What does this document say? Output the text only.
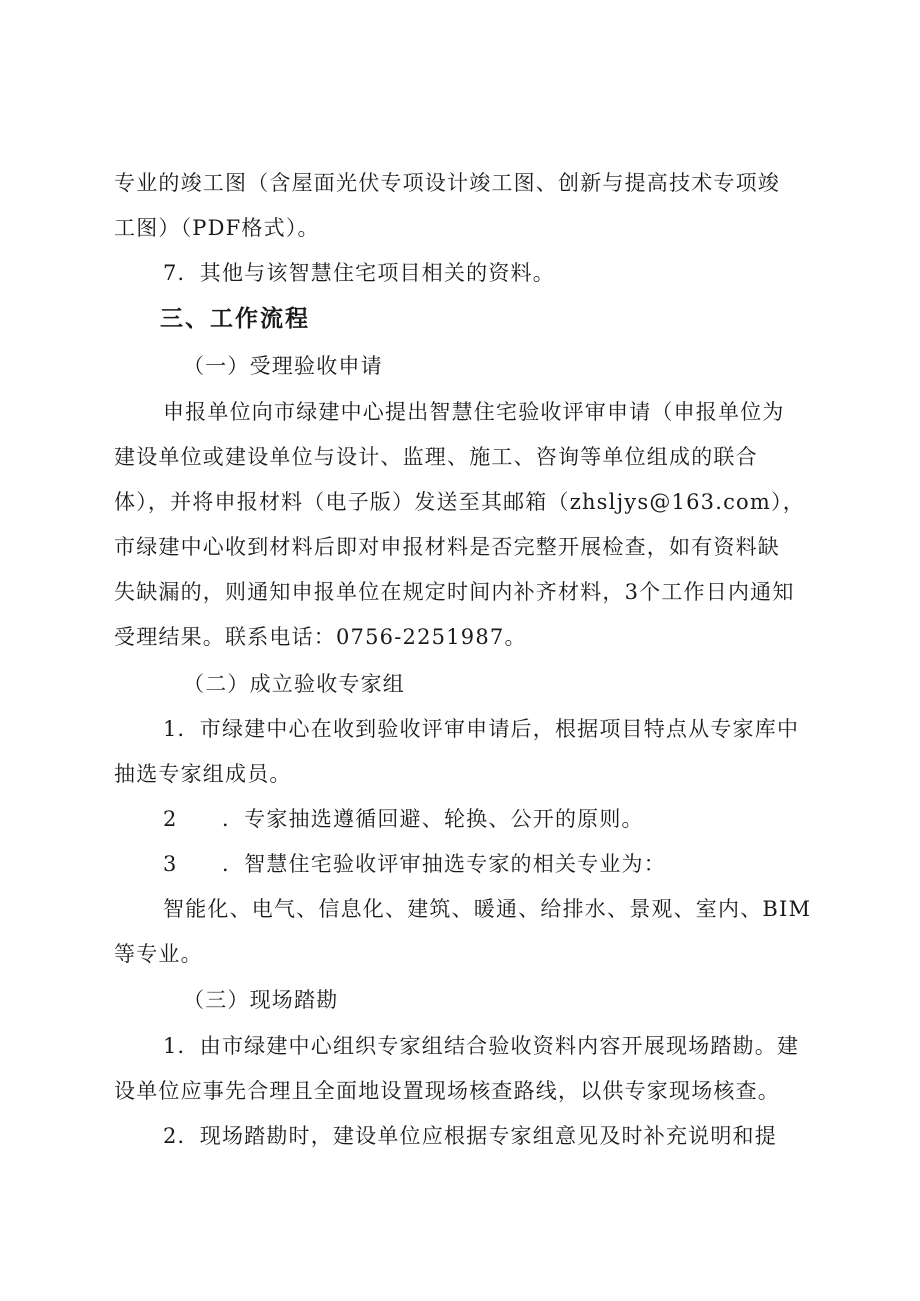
专业的竣工图（含屋面光伏专项设计竣工图、创新与提高技术专项竣
工图）（PDF格式）。
7．其他与该智慧住宅项目相关的资料。
三、工作流程
（一）受理验收申请
申报单位向市绿建中心提出智慧住宅验收评审申请（申报单位为
建设单位或建设单位与设计、监理、施工、咨询等单位组成的联合
体），并将申报材料（电子版）发送至其邮箱（zhsljys@163.com），
市绿建中心收到材料后即对申报材料是否完整开展检查，如有资料缺
失缺漏的，则通知申报单位在规定时间内补齐材料，3个工作日内通知
受理结果。联系电话：0756-2251987。
（二）成立验收专家组
1．市绿建中心在收到验收评审申请后，根据项目特点从专家库中
抽选专家组成员。
2　　．专家抽选遵循回避、轮换、公开的原则。
3　　．智慧住宅验收评审抽选专家的相关专业为：
智能化、电气、信息化、建筑、暖通、给排水、景观、室内、BIM
等专业。
（三）现场踏勘
1．由市绿建中心组织专家组结合验收资料内容开展现场踏勘。建
设单位应事先合理且全面地设置现场核查路线，以供专家现场核查。
2．现场踏勘时，建设单位应根据专家组意见及时补充说明和提
